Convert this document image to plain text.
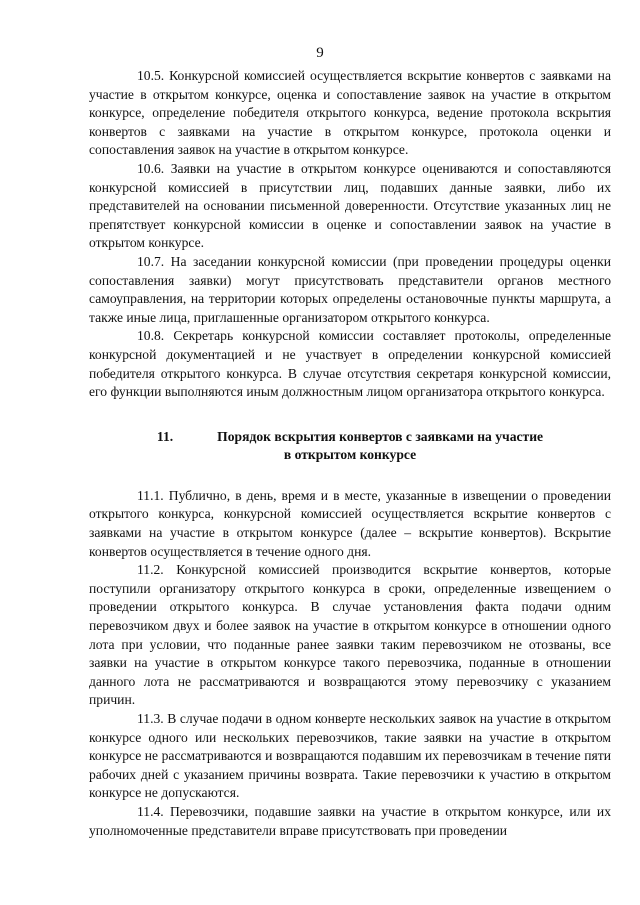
9

10.5. Конкурсной комиссией осуществляется вскрытие конвертов с заявками на участие в открытом конкурсе, оценка и сопоставление заявок на участие в открытом конкурсе, определение победителя открытого конкурса, ведение протокола вскрытия конвертов с заявками на участие в открытом конкурсе, протокола оценки и сопоставления заявок на участие в открытом конкурсе.

10.6. Заявки на участие в открытом конкурсе оцениваются и сопоставляются конкурсной комиссией в присутствии лиц, подавших данные заявки, либо их представителей на основании письменной доверенности. Отсутствие указанных лиц не препятствует конкурсной комиссии в оценке и сопоставлении заявок на участие в открытом конкурсе.

10.7. На заседании конкурсной комиссии (при проведении процедуры оценки сопоставления заявки) могут присутствовать представители органов местного самоуправления, на территории которых определены остановочные пункты маршрута, а также иные лица, приглашенные организатором открытого конкурса.

10.8. Секретарь конкурсной комиссии составляет протоколы, определенные конкурсной документацией и не участвует в определении конкурсной комиссией победителя открытого конкурса. В случае отсутствия секретаря конкурсной комиссии, его функции выполняются иным должностным лицом организатора открытого конкурса.

11.	Порядок вскрытия конвертов с заявками на участие
в открытом конкурсе

11.1. Публично, в день, время и в месте, указанные в извещении о проведении открытого конкурса, конкурсной комиссией осуществляется вскрытие конвертов с заявками на участие в открытом конкурсе (далее – вскрытие конвертов). Вскрытие конвертов осуществляется в течение одного дня.

11.2. Конкурсной комиссией производится вскрытие конвертов, которые поступили организатору открытого конкурса в сроки, определенные извещением о проведении открытого конкурса. В случае установления факта подачи одним перевозчиком двух и более заявок на участие в открытом конкурсе в отношении одного лота при условии, что поданные ранее заявки таким перевозчиком не отозваны, все заявки на участие в открытом конкурсе такого перевозчика, поданные в отношении данного лота не рассматриваются и возвращаются этому перевозчику с указанием причин.

11.3. В случае подачи в одном конверте нескольких заявок на участие в открытом конкурсе одного или нескольких перевозчиков, такие заявки на участие в открытом конкурсе не рассматриваются и возвращаются подавшим их перевозчикам в течение пяти рабочих дней с указанием причины возврата. Такие перевозчики к участию в открытом конкурсе не допускаются.

11.4. Перевозчики, подавшие заявки на участие в открытом конкурсе, или их уполномоченные представители вправе присутствовать при проведении
